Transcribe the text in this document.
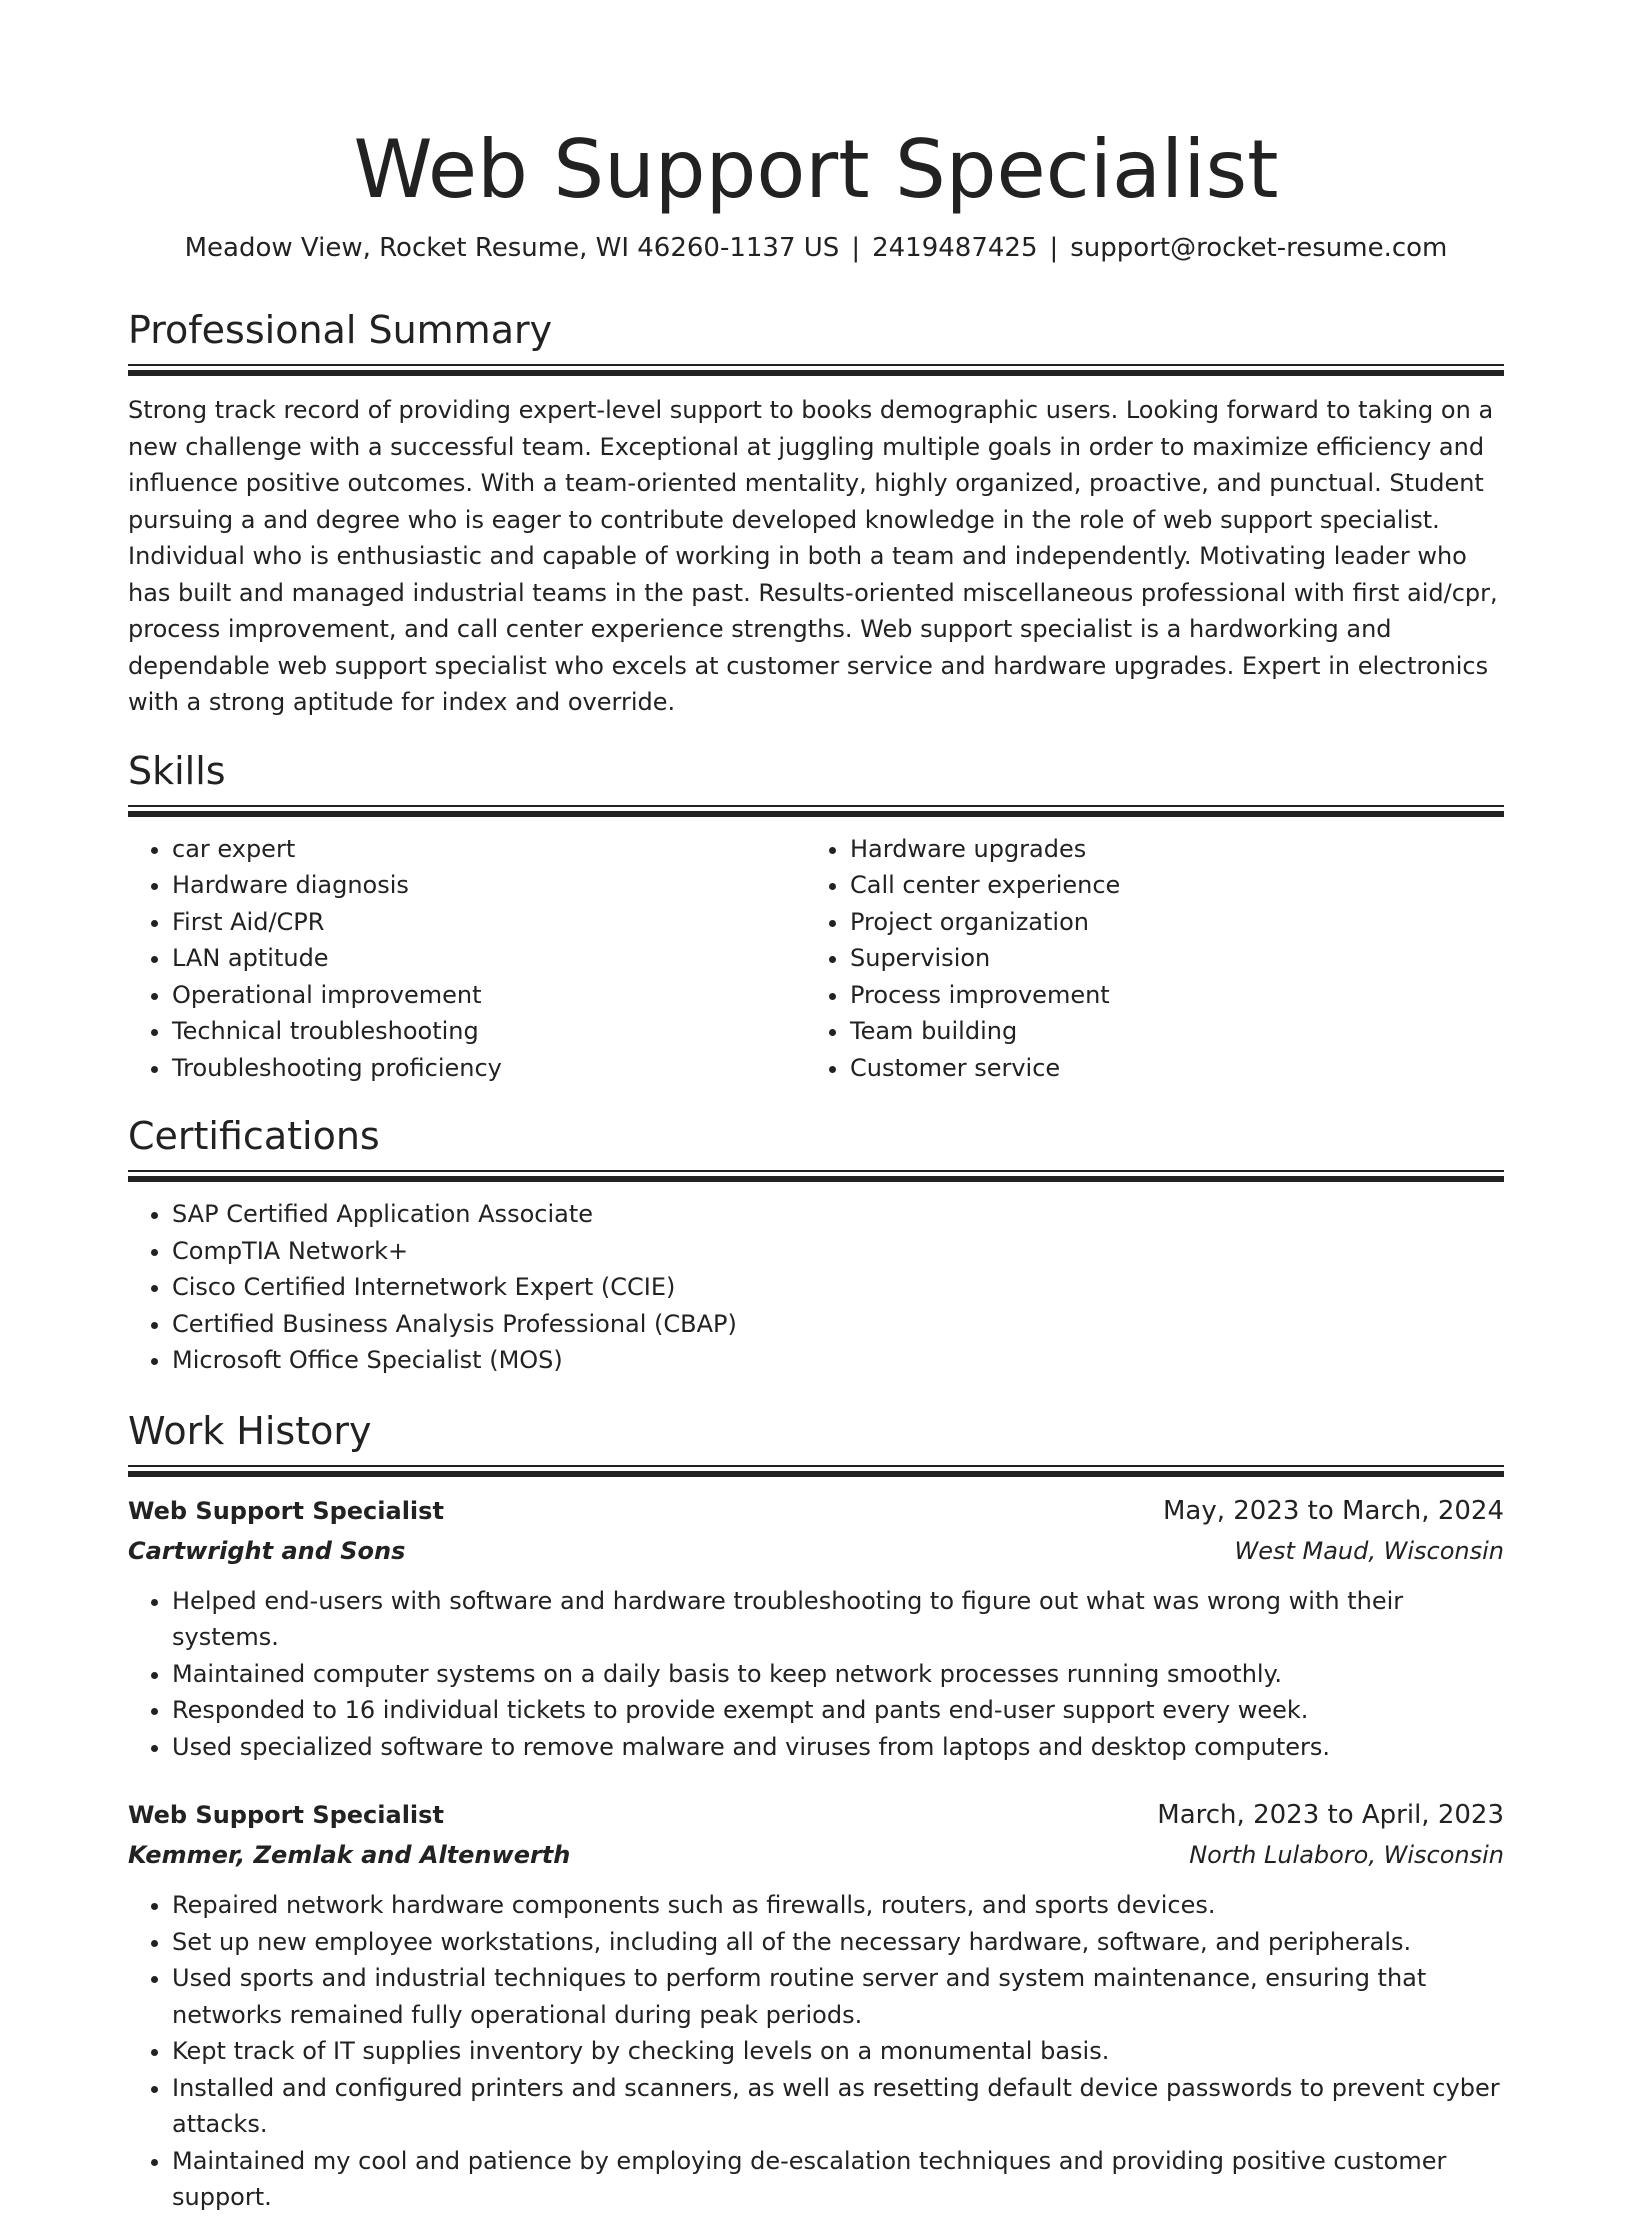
Web Support Specialist
Meadow View, Rocket Resume, WI 46260-1137 US | 2419487425 | support@rocket-resume.com
Professional Summary

Strong track record of providing expert-level support to books demographic users. Looking forward to taking on a new challenge with a successful team. Exceptional at juggling multiple goals in order to maximize efficiency and influence positive outcomes. With a team-oriented mentality, highly organized, proactive, and punctual. Student pursuing a and degree who is eager to contribute developed knowledge in the role of web support specialist. Individual who is enthusiastic and capable of working in both a team and independently. Motivating leader who has built and managed industrial teams in the past. Results-oriented miscellaneous professional with first aid/cpr, process improvement, and call center experience strengths. Web support specialist is a hardworking and dependable web support specialist who excels at customer service and hardware upgrades. Expert in electronics with a strong aptitude for index and override.

Skills
• car expert
• Hardware diagnosis
• First Aid/CPR
• LAN aptitude
• Operational improvement
• Technical troubleshooting
• Troubleshooting proficiency
• Hardware upgrades
• Call center experience
• Project organization
• Supervision
• Process improvement
• Team building
• Customer service
Certifications
• SAP Certified Application Associate
• CompTIA Network+
• Cisco Certified Internetwork Expert (CCIE)
• Certified Business Analysis Professional (CBAP)
• Microsoft Office Specialist (MOS)
Work History
Web Support Specialist	May, 2023 to March, 2024
Cartwright and Sons	West Maud, Wisconsin
• Helped end-users with software and hardware troubleshooting to figure out what was wrong with their systems.
• Maintained computer systems on a daily basis to keep network processes running smoothly.
• Responded to 16 individual tickets to provide exempt and pants end-user support every week.
• Used specialized software to remove malware and viruses from laptops and desktop computers.
Web Support Specialist	March, 2023 to April, 2023
Kemmer, Zemlak and Altenwerth	North Lulaboro, Wisconsin
• Repaired network hardware components such as firewalls, routers, and sports devices.
• Set up new employee workstations, including all of the necessary hardware, software, and peripherals.
• Used sports and industrial techniques to perform routine server and system maintenance, ensuring that networks remained fully operational during peak periods.
• Kept track of IT supplies inventory by checking levels on a monumental basis.
• Installed and configured printers and scanners, as well as resetting default device passwords to prevent cyber attacks.
• Maintained my cool and patience by employing de-escalation techniques and providing positive customer support.
